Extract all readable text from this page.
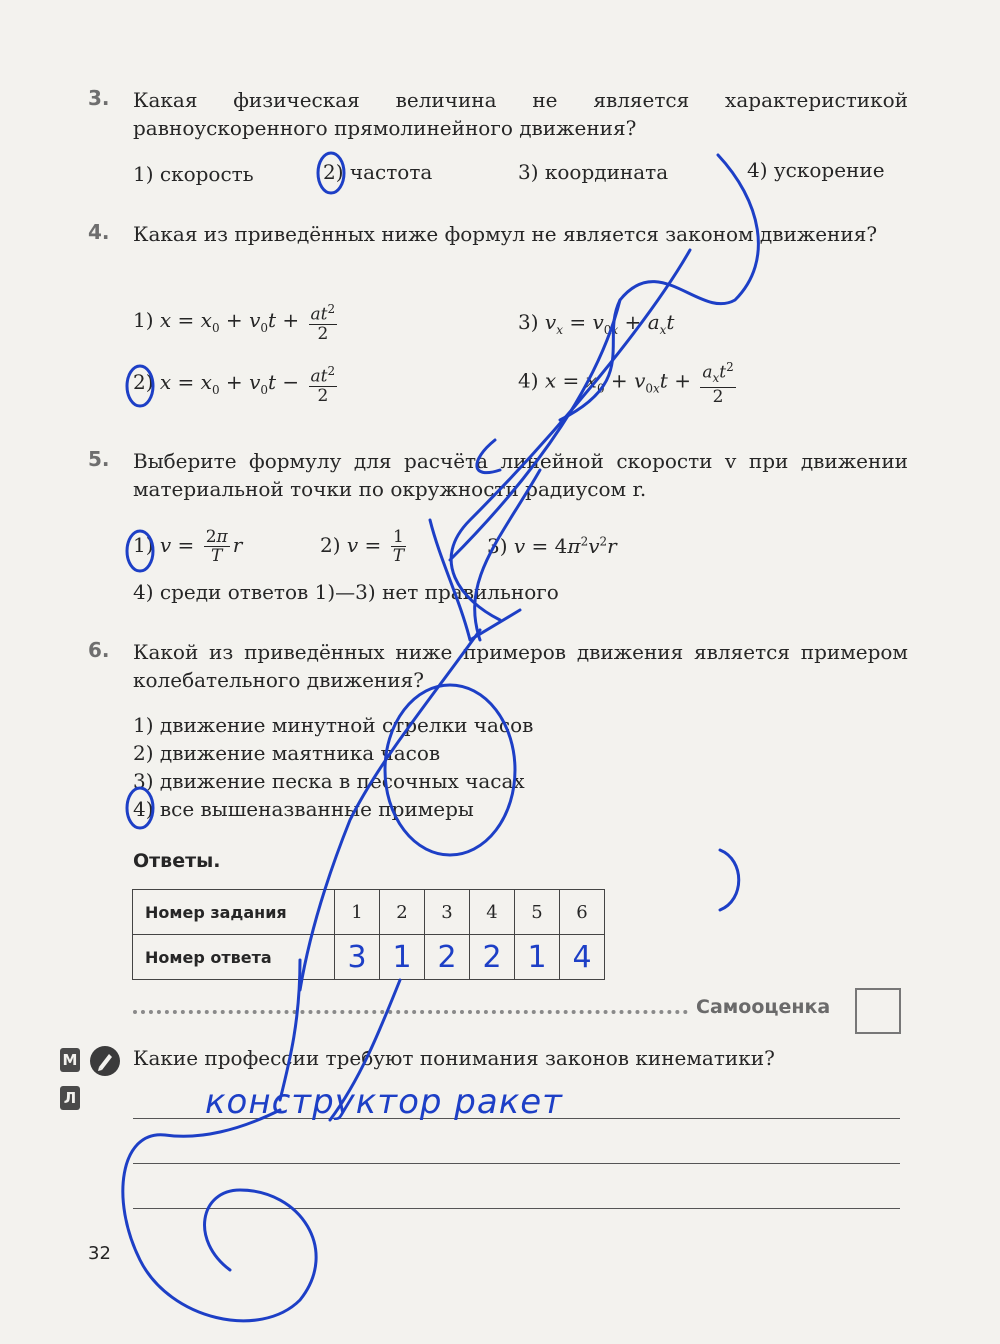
3. Какая физическая величина не является характеристикой равноускоренного прямолинейного движения?
1) скорость	2) частота	3) координата	4) ускорение
4. Какая из приведённых ниже формул не является законом движения?
1) $x = x_0 + v_0t + \frac{at^2}{2}$	3) $v_x = v_{0x} + a_xt$
2) $x = x_0 + v_0t - \frac{at^2}{2}$	4) $x = x_0 + v_{0x}t + \frac{a_xt^2}{2}$
5. Выберите формулу для расчёта линейной скорости v при движении материальной точки по окружности радиусом r.
1) $v = \frac{2\pi}{T}$ r	2) $v = \frac{1}{T}$	3) $v = 4\pi^2v^2r$
4) среди ответов 1)—3) нет правильного
6. Какой из приведённых ниже примеров движения является примером колебательного движения?
1) движение минутной стрелки часов
2) движение маятника часов
3) движение песка в песочных часах
4) все вышеназванные примеры
Ответы.
Номер задания	1	2	3	4	5	6
Номер ответа	3	1	2	2	1	4
Самооценка
М
Л
Какие профессии требуют понимания законов кинематики?
конструктор ракет
32
